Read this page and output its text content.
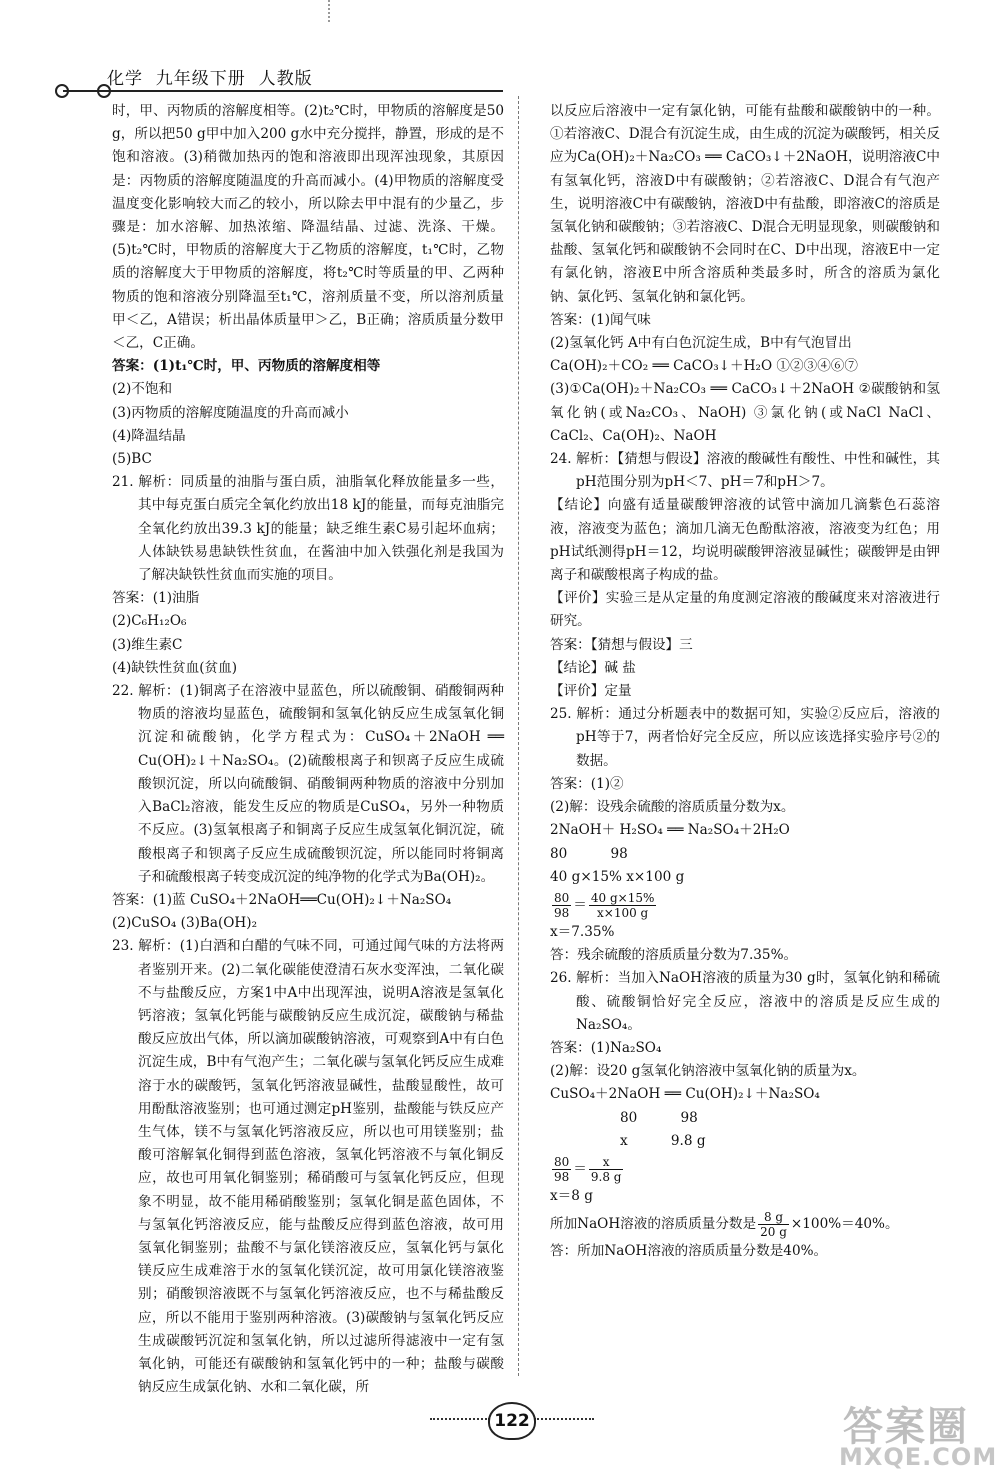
化学  九年级下册  人教版

时，甲、丙物质的溶解度相等。(2)t₂℃时，甲物质的溶解度是50 g，所以把50 g甲中加入200 g水中充分搅拌，静置，形成的是不饱和溶液。(3)稍微加热丙的饱和溶液即出现浑浊现象，其原因是：丙物质的溶解度随温度的升高而减小。(4)甲物质的溶解度受温度变化影响较大而乙的较小，所以除去甲中混有的少量乙，步骤是：加水溶解、加热浓缩、降温结晶、过滤、洗涤、干燥。(5)t₂℃时，甲物质的溶解度大于乙物质的溶解度，t₁℃时，乙物质的溶解度大于甲物质的溶解度，将t₂℃时等质量的甲、乙两种物质的饱和溶液分别降温至t₁℃，溶剂质量不变，所以溶剂质量甲＜乙，A错误；析出晶体质量甲＞乙，B正确；溶质质量分数甲＜乙，C正确。

答案：(1)t₁℃时，甲、丙物质的溶解度相等

(2)不饱和

(3)丙物质的溶解度随温度的升高而减小

(4)降温结晶

(5)BC

21. 解析：同质量的油脂与蛋白质，油脂氧化释放能量多一些，其中每克蛋白质完全氧化约放出18 kJ的能量，而每克油脂完全氧化约放出39.3 kJ的能量；缺乏维生素C易引起坏血病；人体缺铁易患缺铁性贫血，在酱油中加入铁强化剂是我国为了解决缺铁性贫血而实施的项目。

答案：(1)油脂

(2)C₆H₁₂O₆

(3)维生素C

(4)缺铁性贫血(贫血)

22. 解析：(1)铜离子在溶液中显蓝色，所以硫酸铜、硝酸铜两种物质的溶液均显蓝色，硫酸铜和氢氧化钠反应生成氢氧化铜沉淀和硫酸钠，化学方程式为：CuSO₄＋2NaOH ══ Cu(OH)₂↓＋Na₂SO₄。(2)硫酸根离子和钡离子反应生成硫酸钡沉淀，所以向硫酸铜、硝酸铜两种物质的溶液中分别加入BaCl₂溶液，能发生反应的物质是CuSO₄，另外一种物质不反应。(3)氢氧根离子和铜离子反应生成氢氧化铜沉淀，硫酸根离子和钡离子反应生成硫酸钡沉淀，所以能同时将铜离子和硫酸根离子转变成沉淀的纯净物的化学式为Ba(OH)₂。

答案：(1)蓝 CuSO₄＋2NaOH══Cu(OH)₂↓＋Na₂SO₄

(2)CuSO₄ (3)Ba(OH)₂

23. 解析：(1)白酒和白醋的气味不同，可通过闻气味的方法将两者鉴别开来。(2)二氧化碳能使澄清石灰水变浑浊，二氧化碳不与盐酸反应，方案1中A中出现浑浊，说明A溶液是氢氧化钙溶液；氢氧化钙能与碳酸钠反应生成沉淀，碳酸钠与稀盐酸反应放出气体，所以滴加碳酸钠溶液，可观察到A中有白色沉淀生成，B中有气泡产生；二氧化碳与氢氧化钙反应生成难溶于水的碳酸钙，氢氧化钙溶液显碱性，盐酸显酸性，故可用酚酞溶液鉴别；也可通过测定pH鉴别，盐酸能与铁反应产生气体，镁不与氢氧化钙溶液反应，所以也可用镁鉴别；盐酸可溶解氧化铜得到蓝色溶液，氢氧化钙溶液不与氧化铜反应，故也可用氧化铜鉴别；稀硝酸可与氢氧化钙反应，但现象不明显，故不能用稀硝酸鉴别；氢氧化铜是蓝色固体，不与氢氧化钙溶液反应，能与盐酸反应得到蓝色溶液，故可用氢氧化铜鉴别；盐酸不与氯化镁溶液反应，氢氧化钙与氯化镁反应生成难溶于水的氢氧化镁沉淀，故可用氯化镁溶液鉴别；硝酸钡溶液既不与氢氧化钙溶液反应，也不与稀盐酸反应，所以不能用于鉴别两种溶液。(3)碳酸钠与氢氧化钙反应生成碳酸钙沉淀和氢氧化钠，所以过滤所得滤液中一定有氢氧化钠，可能还有碳酸钠和氢氧化钙中的一种；盐酸与碳酸钠反应生成氯化钠、水和二氧化碳，所

以反应后溶液中一定有氯化钠，可能有盐酸和碳酸钠中的一种。①若溶液C、D混合有沉淀生成，由生成的沉淀为碳酸钙，相关反应为Ca(OH)₂＋Na₂CO₃ ══ CaCO₃↓＋2NaOH，说明溶液C中有氢氧化钙，溶液D中有碳酸钠；②若溶液C、D混合有气泡产生，说明溶液C中有碳酸钠，溶液D中有盐酸，即溶液C的溶质是氢氧化钠和碳酸钠；③若溶液C、D混合无明显现象，则碳酸钠和盐酸、氢氧化钙和碳酸钠不会同时在C、D中出现，溶液E中一定有氯化钠，溶液E中所含溶质种类最多时，所含的溶质为氯化钠、氯化钙、氢氧化钠和氯化钙。

答案：(1)闻气味

(2)氢氧化钙 A中有白色沉淀生成，B中有气泡冒出

Ca(OH)₂＋CO₂ ══ CaCO₃↓＋H₂O ①②③④⑥⑦

(3)①Ca(OH)₂＋Na₂CO₃ ══ CaCO₃↓＋2NaOH ②碳酸钠和氢氧化钠(或Na₂CO₃、NaOH) ③氯化钠(或NaCl NaCl、CaCl₂、Ca(OH)₂、NaOH

24. 解析：【猜想与假设】溶液的酸碱性有酸性、中性和碱性，其pH范围分别为pH＜7、pH＝7和pH＞7。

【结论】向盛有适量碳酸钾溶液的试管中滴加几滴紫色石蕊溶液，溶液变为蓝色；滴加几滴无色酚酞溶液，溶液变为红色；用pH试纸测得pH＝12，均说明碳酸钾溶液显碱性；碳酸钾是由钾离子和碳酸根离子构成的盐。

【评价】实验三是从定量的角度测定溶液的酸碱度来对溶液进行研究。

答案：【猜想与假设】三

【结论】碱 盐

【评价】定量

25. 解析：通过分析题表中的数据可知，实验②反应后，溶液的pH等于7，两者恰好完全反应，所以应该选择实验序号②的数据。

答案：(1)②

(2)解：设残余硫酸的溶质质量分数为x。

2NaOH＋ H₂SO₄ ══ Na₂SO₄＋2H₂O

80          98

40 g×15% x×100 g

$\frac{80}{98} = \frac{40 g\times 15\%}{x\times 100 g}$

x＝7.35%

答：残余硫酸的溶质质量分数为7.35%。

26. 解析：当加入NaOH溶液的质量为30 g时，氢氧化钠和稀硫酸、硫酸铜恰好完全反应，溶液中的溶质是反应生成的Na₂SO₄。

答案：(1)Na₂SO₄

(2)解：设20 g氢氧化钠溶液中氢氧化钠的质量为x。

CuSO₄＋2NaOH ══ Cu(OH)₂↓＋Na₂SO₄

80          98

x          9.8 g

$\frac{80}{98} = \frac{x}{9.8 g}$

x＝8 g

所加NaOH溶液的溶质质量分数是 $\frac{8 g}{20 g} \times 100\%=40\%$。

答：所加NaOH溶液的溶质质量分数是40%。

122	答案圈
MXQE.COM
